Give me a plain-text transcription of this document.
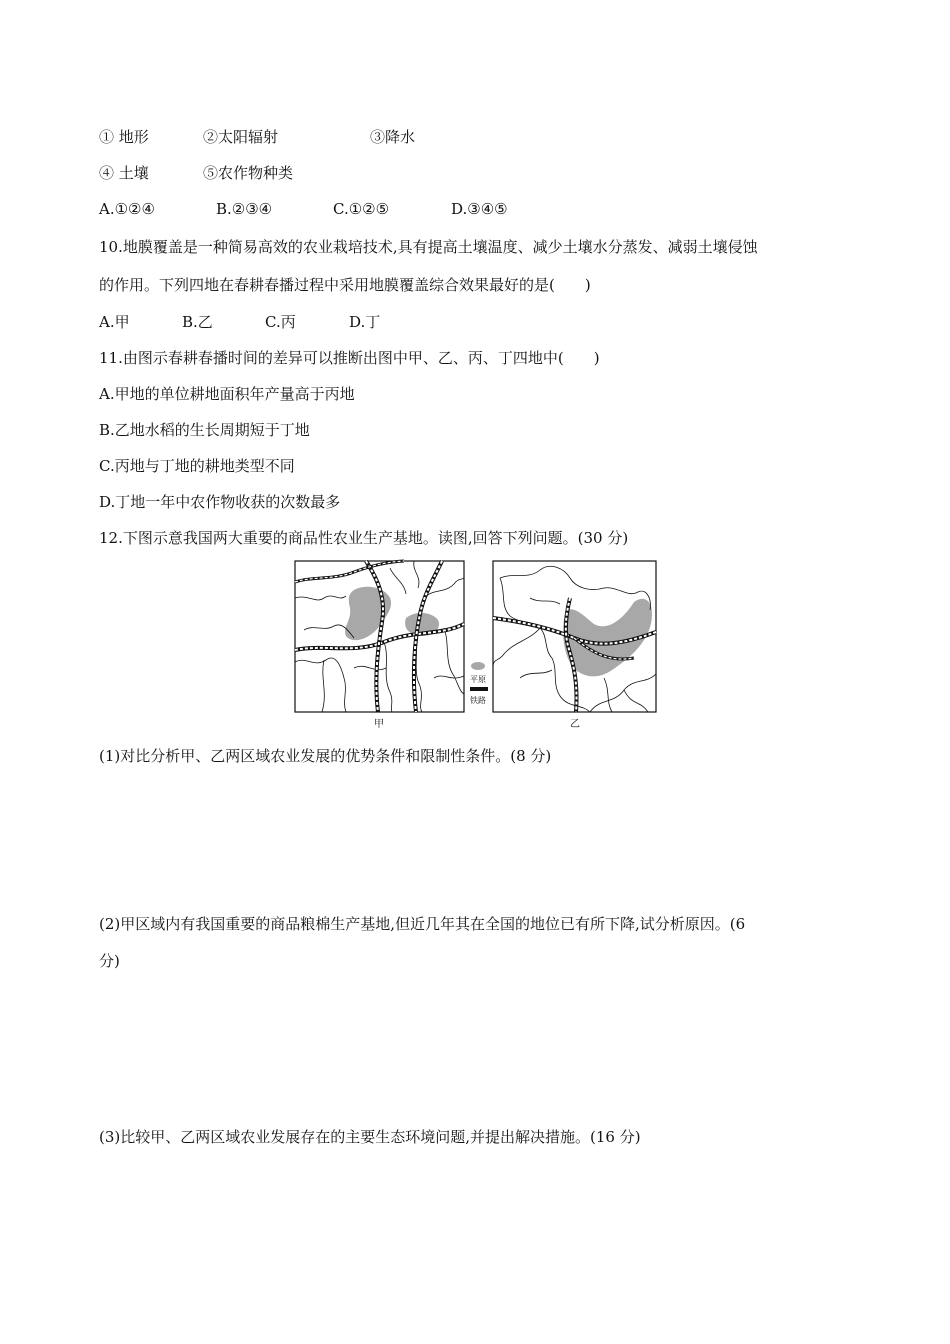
① 地形	②太阳辐射	③降水
④ 土壤	⑤农作物种类
A.①②④	B.②③④	C.①②⑤	D.③④⑤
10.地膜覆盖是一种简易高效的农业栽培技术,具有提高土壤温度、减少土壤水分蒸发、减弱土壤侵蚀
的作用。下列四地在春耕春播过程中采用地膜覆盖综合效果最好的是(　　)
A.甲	B.乙	C.丙	D.丁
11.由图示春耕春播时间的差异可以推断出图中甲、乙、丙、丁四地中(　　)
A.甲地的单位耕地面积年产量高于丙地
B.乙地水稻的生长周期短于丁地
C.丙地与丁地的耕地类型不同
D.丁地一年中农作物收获的次数最多
12.下图示意我国两大重要的商品性农业生产基地。读图,回答下列问题。(30 分)
甲
平原
铁路
乙
(1)对比分析甲、乙两区域农业发展的优势条件和限制性条件。(8 分)
(2)甲区域内有我国重要的商品粮棉生产基地,但近几年其在全国的地位已有所下降,试分析原因。(6
分)
(3)比较甲、乙两区域农业发展存在的主要生态环境问题,并提出解决措施。(16 分)
